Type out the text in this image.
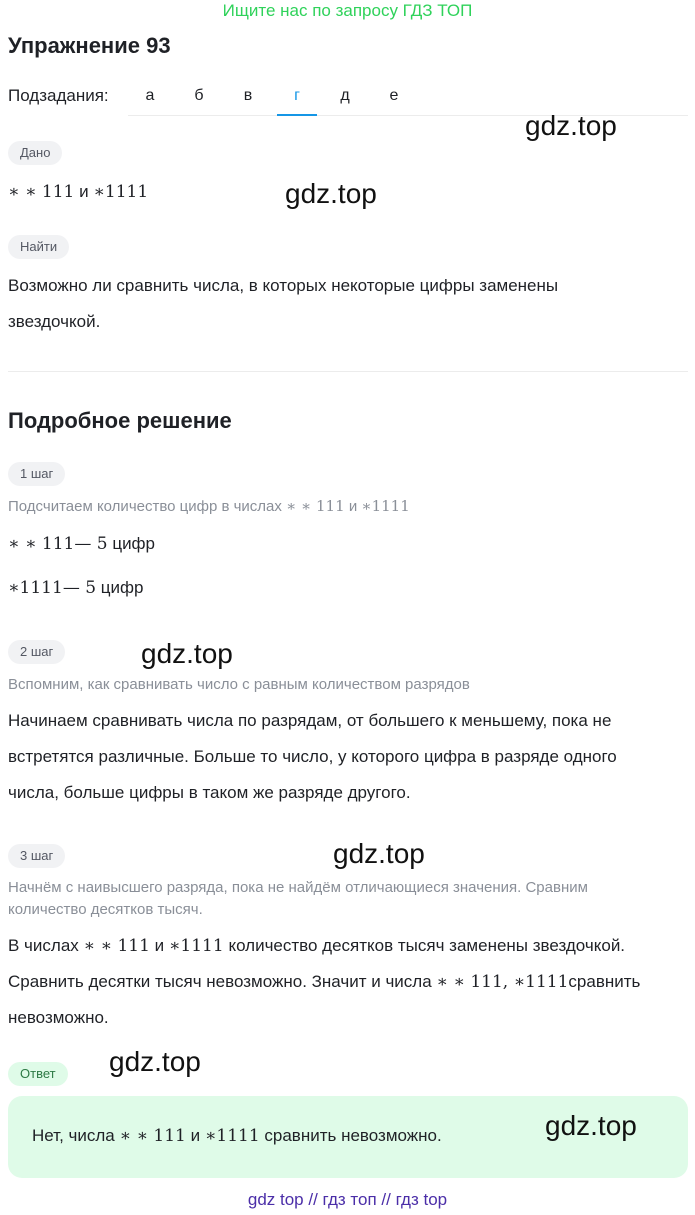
Ищите нас по запросу ГДЗ ТОП
Упражнение 93
Подзадания:	а	б	в	г	д	е
gdz.top
Дано
∗ ∗ 111 и ∗1111	gdz.top
Найти
Возможно ли сравнить числа, в которых некоторые цифры заменены
звездочкой.
Подробное решение
1 шаг
Подсчитаем количество цифр в числах ∗ ∗ 111 и ∗1111
∗ ∗ 111— 5 цифр
∗1111— 5 цифр
2 шаг	gdz.top
Вспомним, как сравнивать число с равным количеством разрядов
Начинаем сравнивать числа по разрядам, от большего к меньшему, пока не
встретятся различные. Больше то число, у которого цифра в разряде одного
числа, больше цифры в таком же разряде другого.
3 шаг	gdz.top
Начнём с наивысшего разряда, пока не найдём отличающиеся значения. Сравним
количество десятков тысяч.
В числах ∗ ∗ 111 и ∗1111 количество десятков тысяч заменены звездочкой.
Сравнить десятки тысяч невозможно. Значит и числа ∗ ∗ 111, ∗1111сравнить
невозможно.
Ответ	gdz.top
Нет, числа ∗ ∗ 111 и ∗1111 сравнить невозможно.	gdz.top
gdz top // гдз топ // гдз top
